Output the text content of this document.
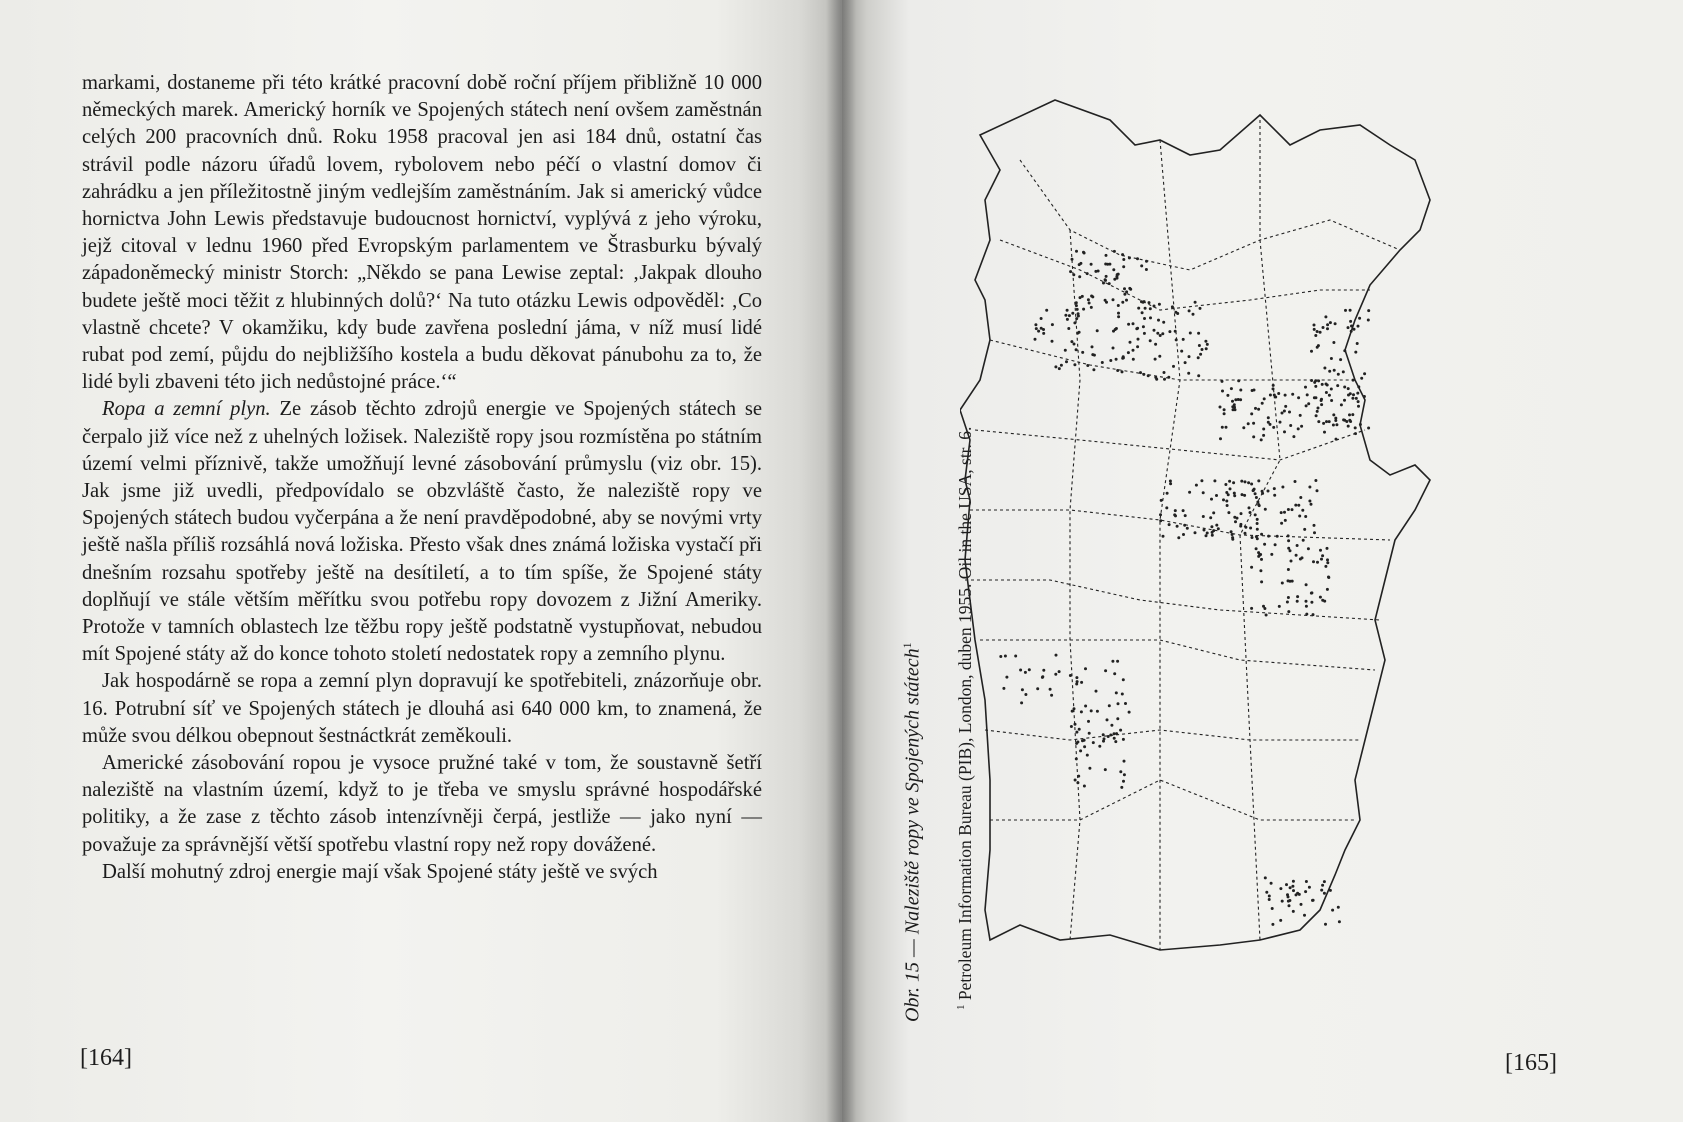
markami, dostaneme při této krátké pracovní době roční příjem přibližně 10 000 německých marek. Americký horník ve Spojených státech není ovšem zaměstnán celých 200 pracovních dnů. Roku 1958 pracoval jen asi 184 dnů, ostatní čas strávil podle názoru úřadů lovem, rybolovem nebo péčí o vlastní domov či zahrádku a jen příležitostně jiným vedlejším zaměstnáním. Jak si americký vůdce hornictva John Lewis představuje budoucnost hornictví, vyplývá z jeho výroku, jejž citoval v lednu 1960 před Evropským parlamentem ve Štrasburku bývalý západoněmecký ministr Storch: „Někdo se pana Lewise zeptal: ‚Jakpak dlouho budete ještě moci těžit z hlubinných dolů?‘ Na tuto otázku Lewis odpověděl: ‚Co vlastně chcete? V okamžiku, kdy bude zavřena poslední jáma, v níž musí lidé rubat pod zemí, půjdu do nejbližšího kostela a budu děkovat pánubohu za to, že lidé byli zbaveni této jich nedůstojné práce.‘“

Ropa a zemní plyn. Ze zásob těchto zdrojů energie ve Spojených státech se čerpalo již více než z uhelných ložisek. Naleziště ropy jsou rozmístěna po státním území velmi příznivě, takže umožňují levné zásobování průmyslu (viz obr. 15). Jak jsme již uvedli, předpovídalo se obzvláště často, že naleziště ropy ve Spojených státech budou vyčerpána a že není pravděpodobné, aby se novými vrty ještě našla příliš rozsáhlá nová ložiska. Přesto však dnes známá ložiska vystačí při dnešním rozsahu spotřeby ještě na desítiletí, a to tím spíše, že Spojené státy doplňují ve stále větším měřítku svou potřebu ropy dovozem z Jižní Ameriky. Protože v tamních oblastech lze těžbu ropy ještě podstatně vystupňovat, nebudou mít Spojené státy až do konce tohoto století nedostatek ropy a zemního plynu.

Jak hospodárně se ropa a zemní plyn dopravují ke spotřebiteli, znázorňuje obr. 16. Potrubní síť ve Spojených státech je dlouhá asi 640 000 km, to znamená, že může svou délkou obepnout šestnáctkrát zeměkouli.

Americké zásobování ropou je vysoce pružné také v tom, že soustavně šetří naleziště na vlastním území, když to je třeba ve smyslu správné hospodářské politiky, a že zase z těchto zásob intenzívněji čerpá, jestliže — jako nyní — považuje za správnější větší spotřebu vlastní ropy než ropy dovážené.

Další mohutný zdroj energie mají však Spojené státy ještě ve svých

[164]
Obr. 15 — Naleziště ropy ve Spojených státech$^1$
$^1$ Petroleum Information Bureau (PIB), London, duben 1955. Oil in the USA, str. 6.
[165]
